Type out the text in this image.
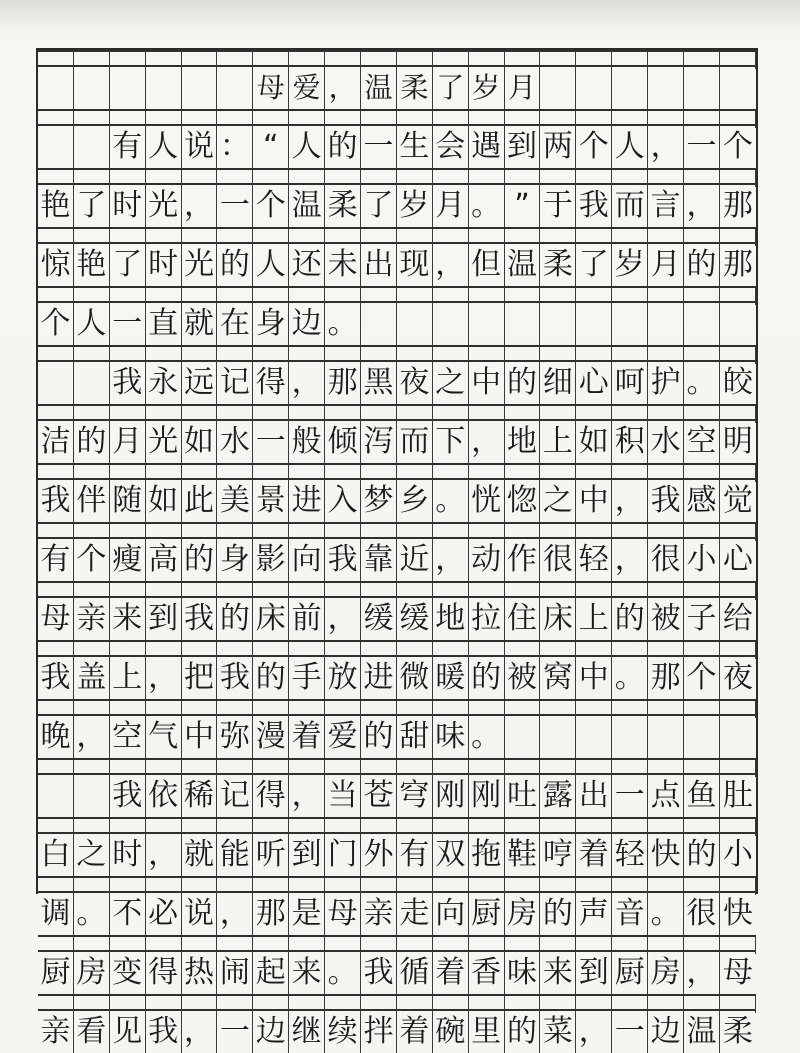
母 爱 ， 温 柔 了 岁 月
有 人 说 ： “ 人 的 一 生 会 遇 到 两 个 人 ， 一 个
艳 了 时 光 ， 一 个 温 柔 了 岁 月 。 ” 于 我 而 言 ， 那
惊 艳 了 时 光 的 人 还 未 出 现 ， 但 温 柔 了 岁 月 的 那
个 人 一 直 就 在 身 边 。
我 永 远 记 得 ， 那 黑 夜 之 中 的 细 心 呵 护 。 皎
洁 的 月 光 如 水 一 般 倾 泻 而 下 ， 地 上 如 积 水 空 明
我 伴 随 如 此 美 景 进 入 梦 乡 。 恍 惚 之 中 ， 我 感 觉
有 个 瘦 高 的 身 影 向 我 靠 近 ， 动 作 很 轻 ， 很 小 心
母 亲 来 到 我 的 床 前 ， 缓 缓 地 拉 住 床 上 的 被 子 给
我 盖 上 ， 把 我 的 手 放 进 微 暖 的 被 窝 中 。 那 个 夜
晚 ， 空 气 中 弥 漫 着 爱 的 甜 味 。
我 依 稀 记 得 ， 当 苍 穹 刚 刚 吐 露 出 一 点 鱼 肚
白 之 时 ， 就 能 听 到 门 外 有 双 拖 鞋 哼 着 轻 快 的 小
调 。 不 必 说 ， 那 是 母 亲 走 向 厨 房 的 声 音 。 很 快
厨 房 变 得 热 闹 起 来 。 我 循 着 香 味 来 到 厨 房 ， 母
亲 看 见 我 ， 一 边 继 续 拌 着 碗 里 的 菜 ， 一 边 温 柔
